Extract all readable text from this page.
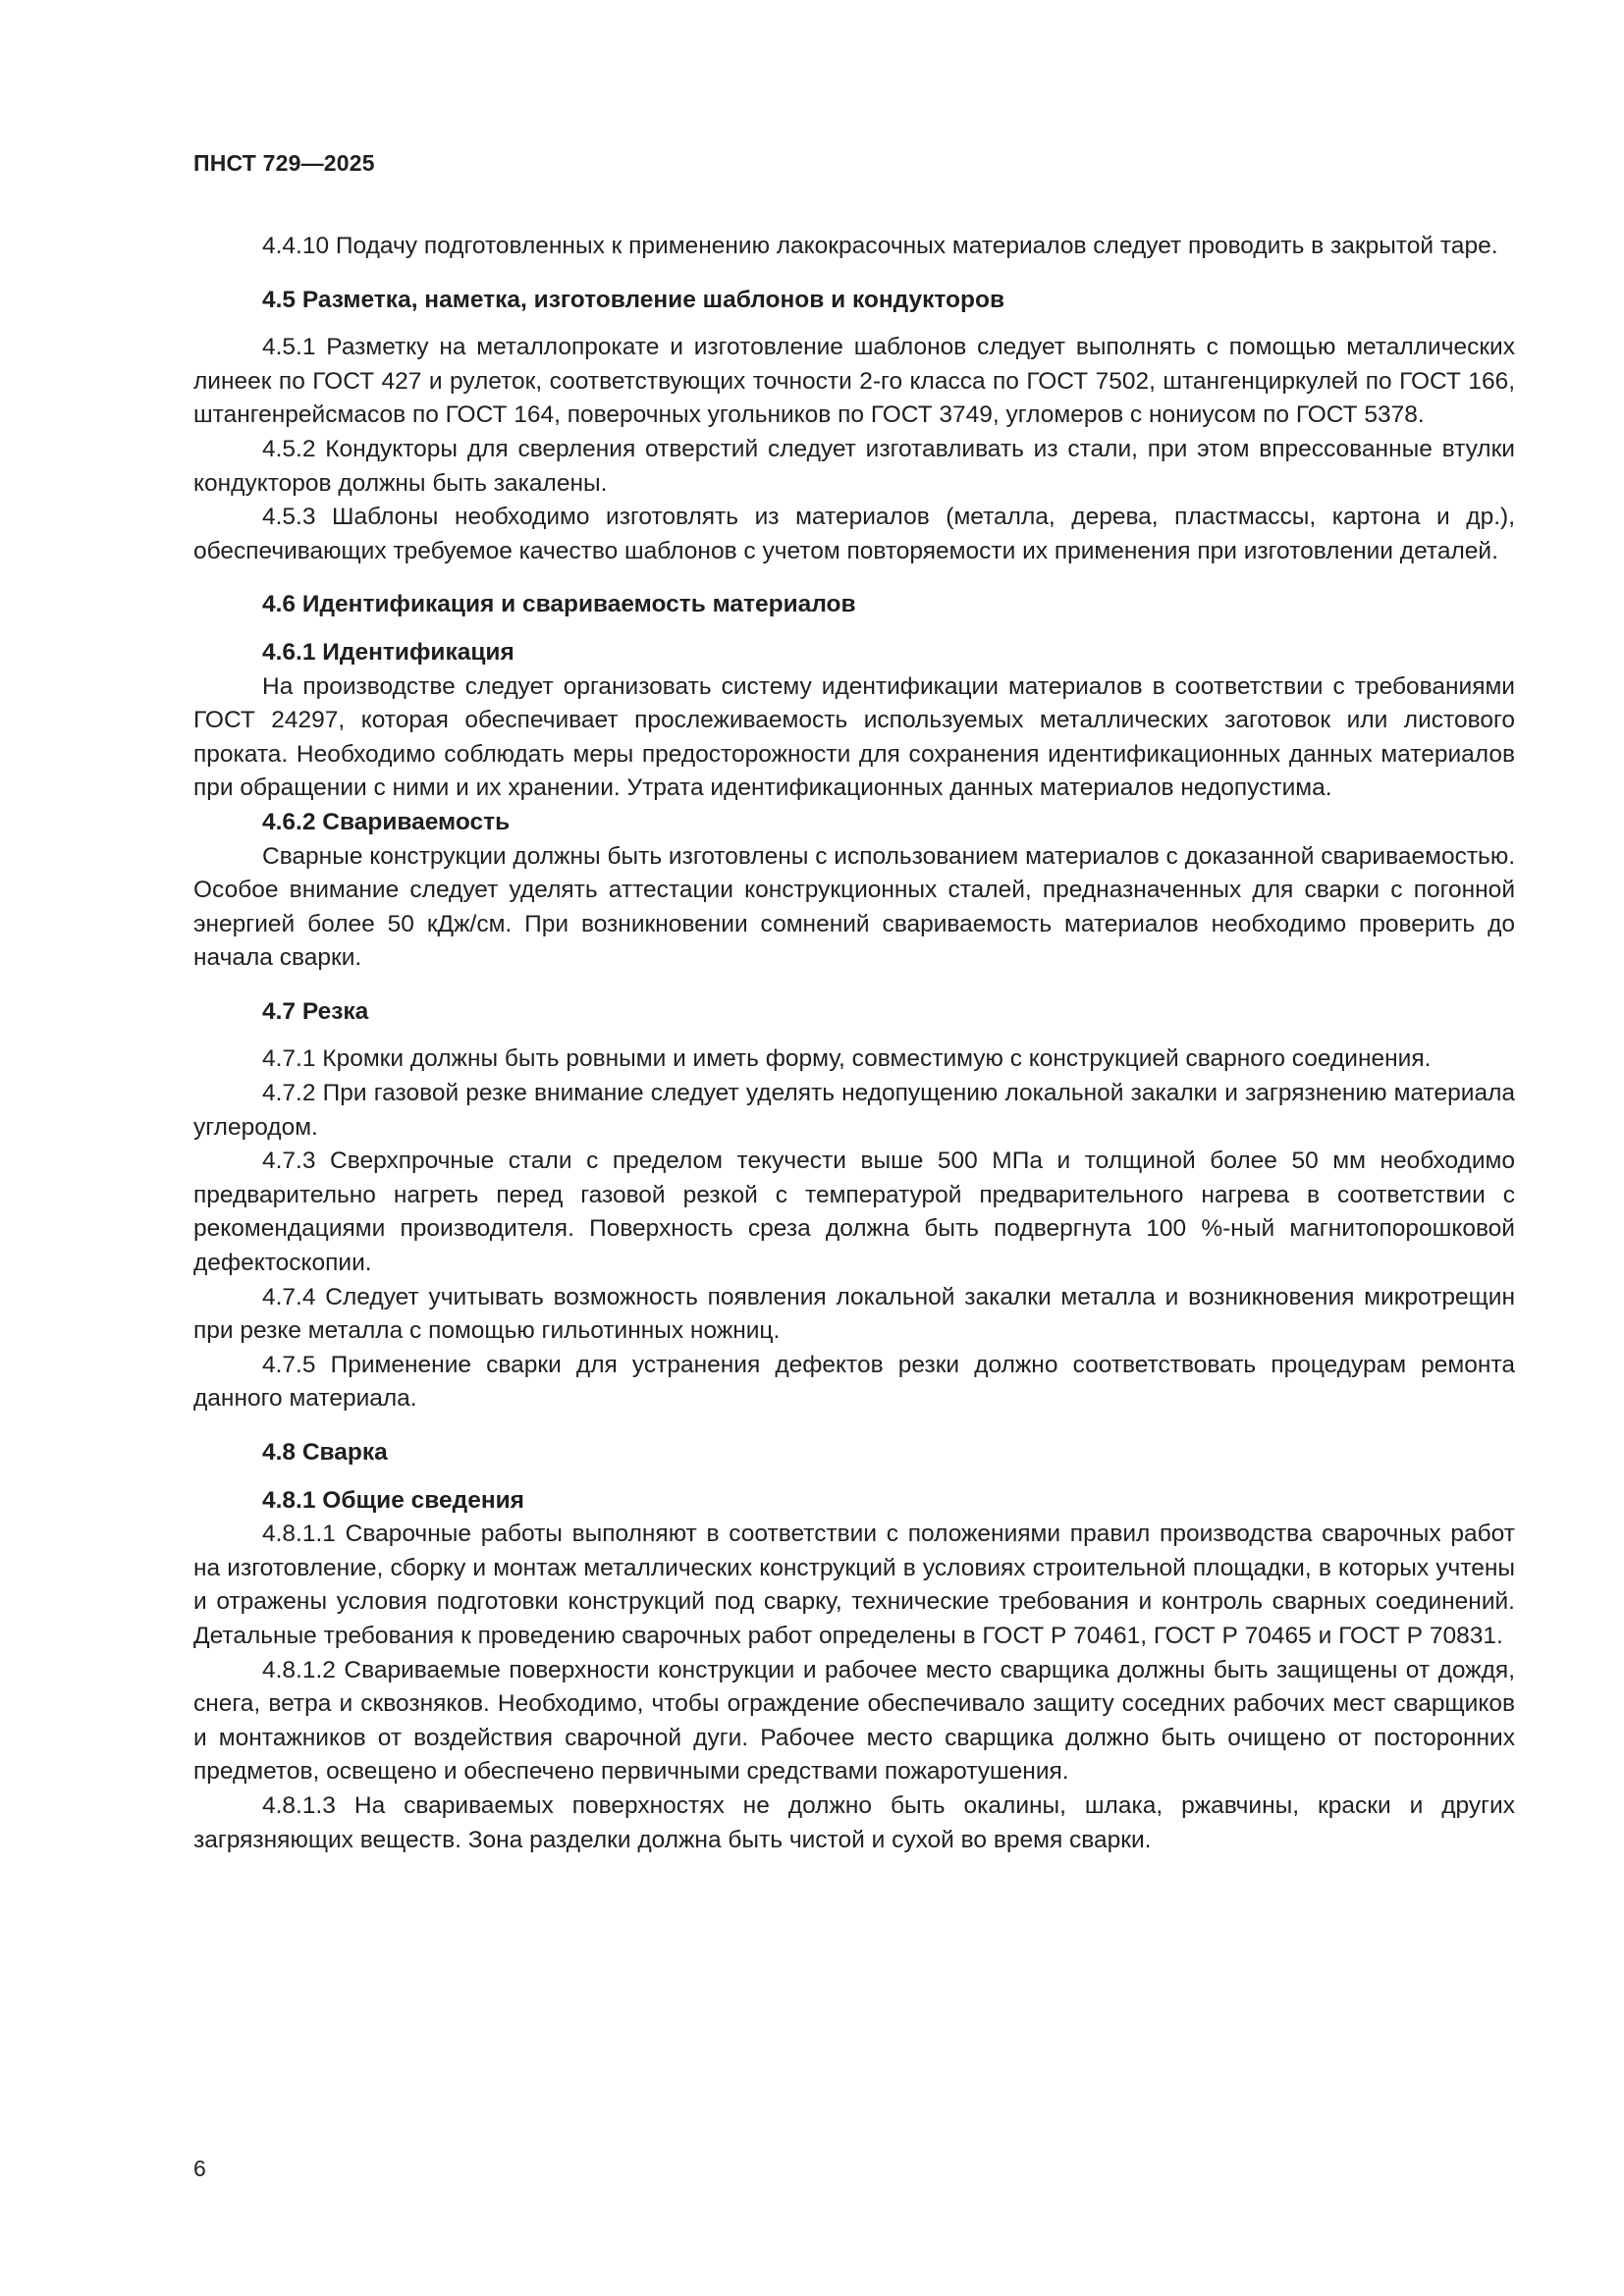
ПНСТ 729—2025

4.4.10 Подачу подготовленных к применению лакокрасочных материалов следует проводить в закрытой таре.

4.5 Разметка, наметка, изготовление шаблонов и кондукторов

4.5.1 Разметку на металлопрокате и изготовление шаблонов следует выполнять с помощью металлических линеек по ГОСТ 427 и рулеток, соответствующих точности 2-го класса по ГОСТ 7502, штангенциркулей по ГОСТ 166, штангенрейсмасов по ГОСТ 164, поверочных угольников по ГОСТ 3749, угломеров с нониусом по ГОСТ 5378.

4.5.2 Кондукторы для сверления отверстий следует изготавливать из стали, при этом впрессованные втулки кондукторов должны быть закалены.

4.5.3 Шаблоны необходимо изготовлять из материалов (металла, дерева, пластмассы, картона и др.), обеспечивающих требуемое качество шаблонов с учетом повторяемости их применения при изготовлении деталей.

4.6 Идентификация и свариваемость материалов
4.6.1 Идентификация

На производстве следует организовать систему идентификации материалов в соответствии с требованиями ГОСТ 24297, которая обеспечивает прослеживаемость используемых металлических заготовок или листового проката. Необходимо соблюдать меры предосторожности для сохранения идентификационных данных материалов при обращении с ними и их хранении. Утрата идентификационных данных материалов недопустима.

4.6.2 Свариваемость

Сварные конструкции должны быть изготовлены с использованием материалов с доказанной свариваемостью. Особое внимание следует уделять аттестации конструкционных сталей, предназначенных для сварки с погонной энергией более 50 кДж/см. При возникновении сомнений свариваемость материалов необходимо проверить до начала сварки.

4.7 Резка

4.7.1 Кромки должны быть ровными и иметь форму, совместимую с конструкцией сварного соединения.

4.7.2 При газовой резке внимание следует уделять недопущению локальной закалки и загрязнению материала углеродом.

4.7.3 Сверхпрочные стали с пределом текучести выше 500 МПа и толщиной более 50 мм необходимо предварительно нагреть перед газовой резкой с температурой предварительного нагрева в соответствии с рекомендациями производителя. Поверхность среза должна быть подвергнута 100 %-ный магнитопорошковой дефектоскопии.

4.7.4 Следует учитывать возможность появления локальной закалки металла и возникновения микротрещин при резке металла с помощью гильотинных ножниц.

4.7.5 Применение сварки для устранения дефектов резки должно соответствовать процедурам ремонта данного материала.

4.8 Сварка
4.8.1 Общие сведения

4.8.1.1 Сварочные работы выполняют в соответствии с положениями правил производства сварочных работ на изготовление, сборку и монтаж металлических конструкций в условиях строительной площадки, в которых учтены и отражены условия подготовки конструкций под сварку, технические требования и контроль сварных соединений. Детальные требования к проведению сварочных работ определены в ГОСТ Р 70461, ГОСТ Р 70465 и ГОСТ Р 70831.

4.8.1.2 Свариваемые поверхности конструкции и рабочее место сварщика должны быть защищены от дождя, снега, ветра и сквозняков. Необходимо, чтобы ограждение обеспечивало защиту соседних рабочих мест сварщиков и монтажников от воздействия сварочной дуги. Рабочее место сварщика должно быть очищено от посторонних предметов, освещено и обеспечено первичными средствами пожаротушения.

4.8.1.3 На свариваемых поверхностях не должно быть окалины, шлака, ржавчины, краски и других загрязняющих веществ. Зона разделки должна быть чистой и сухой во время сварки.

6
